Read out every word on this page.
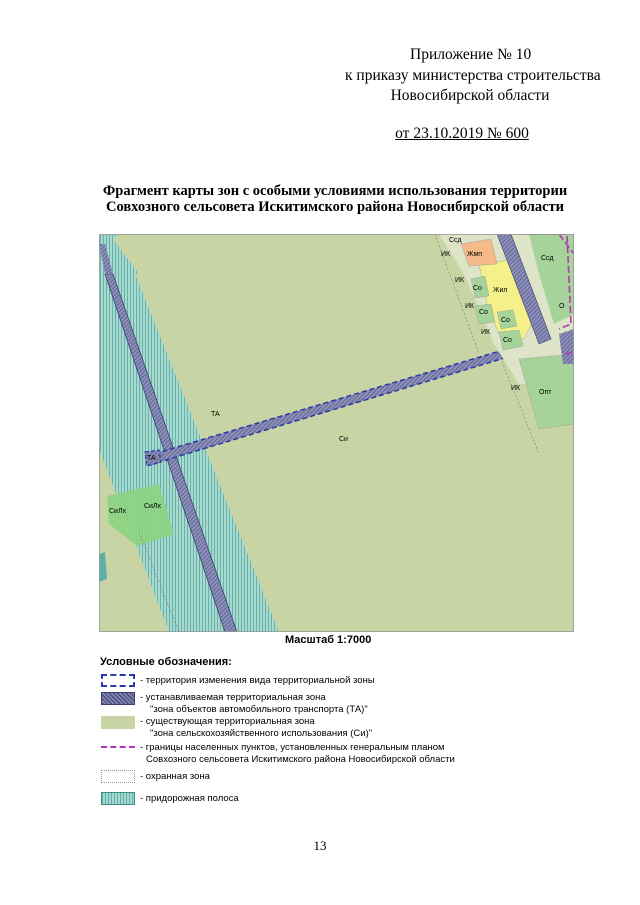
Приложение № 10
к приказу министерства строительства
Новосибирской области
от 23.10.2019 № 600
Фрагмент карты зон с особыми условиями использования территории
Совхозного сельсовета Искитимского района Новосибирской области
ТА
ТА
Си
СиЛх
СиЛх
ИК
ИК
ИК
ИК
ИК
Ссд
Ссд
Жмп
Жил
Со
Со
Со
Со
Опт
О
Масштаб 1:7000
Условные обозначения:
- территория изменения вида территориальной зоны
- устанавливаемая территориальная зона
"зона объектов автомобильного транспорта (ТА)"
- существующая территориальная зона
"зона сельскохозяйственного использования (Си)"
- границы населенных пунктов, установленных генеральным планом
Совхозного сельсовета Искитимского района Новосибирской области
- охранная зона
- придорожная полоса
13
